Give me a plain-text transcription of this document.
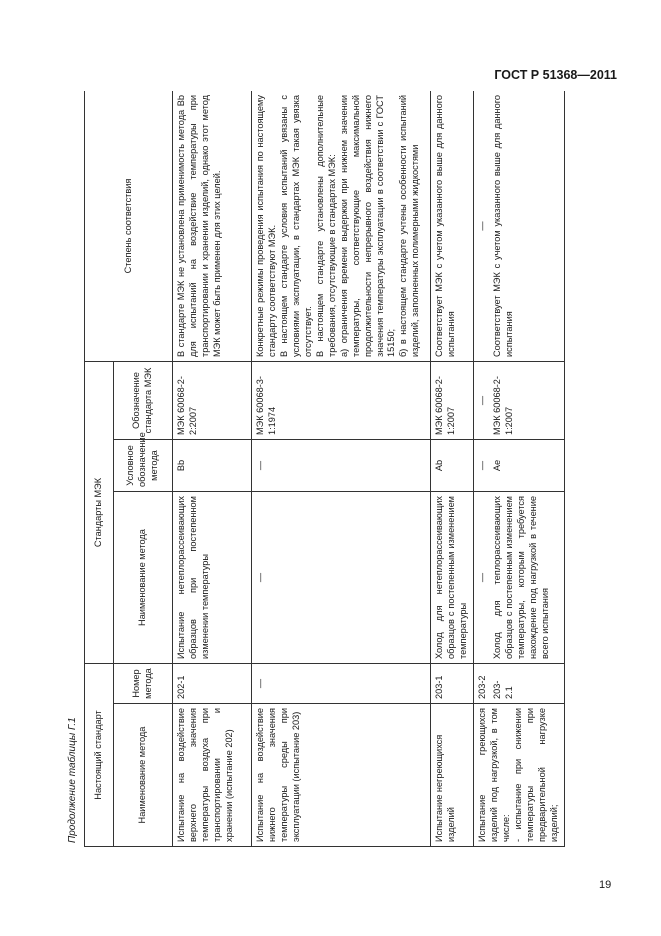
ГОСТ Р 51368—2011
Продолжение таблицы Г.1 Настоящий стандарт		Стандарты МЭК			Степень соответствия
Наименование метода	Номер метода	Наименование метода	Условное обозначение метода	Обозначение стандарта МЭК	
Испытание на воздействие верхнего значения температуры воздуха при транспортировании и хранении (испытание 202)	202-1	Испытание нетеплорассеивающих образцов при постепенном изменении температуры	Bb	МЭК 60068-2-2:2007	В стандарте МЭК не установлена применимость метода Bb для испытаний на воздействие температуры при транспортировании и хранении изделий, однако этот метод МЭК может быть применен для этих целей.

Испытание на воздействие нижнего значения температуры среды при эксплуатации (испытание 203)	—	—	—	МЭК 60068-3-1:1974	Конкретные режимы проведения испытания по настоящему стандарту соответствуют МЭК. В настоящем стандарте условия испытаний увязаны с условиями эксплуатации, в стандартах МЭК такая увязка отсутствует. В настоящем стандарте установлены дополнительные требования, отсутствующие в стандартах МЭК: а) ограничения времени выдержки при нижнем значении температуры, соответствующие максимальной продолжительности непрерывного воздействия нижнего значения температуры эксплуатации в соответствии с ГОСТ 15150; б) в настоящем стандарте учтены особенности испытаний изделий, заполненных полимерными жидкостями

Испытание негреющихся изделий	203-1	Холод для нетеплорассеивающих образцов с постепенным изменением температуры	Ab	МЭК 60068-2-1:2007	Соответствует МЭК с учетом указанного выше для данного испытания

Испытание греющихся изделий под нагрузкой, в том числе: - испытание при снижении температуры при предварительной нагрузке изделий;	203-2 203-2.1	— Холод для теплорассеивающих образцов с постепенным изменением температуры, которым требуется нахождение под нагрузкой в течение всего испытания	— Ae	— МЭК 60068-2-1:2007	— Соответствует МЭК с учетом указанного выше для данного испытания
19
